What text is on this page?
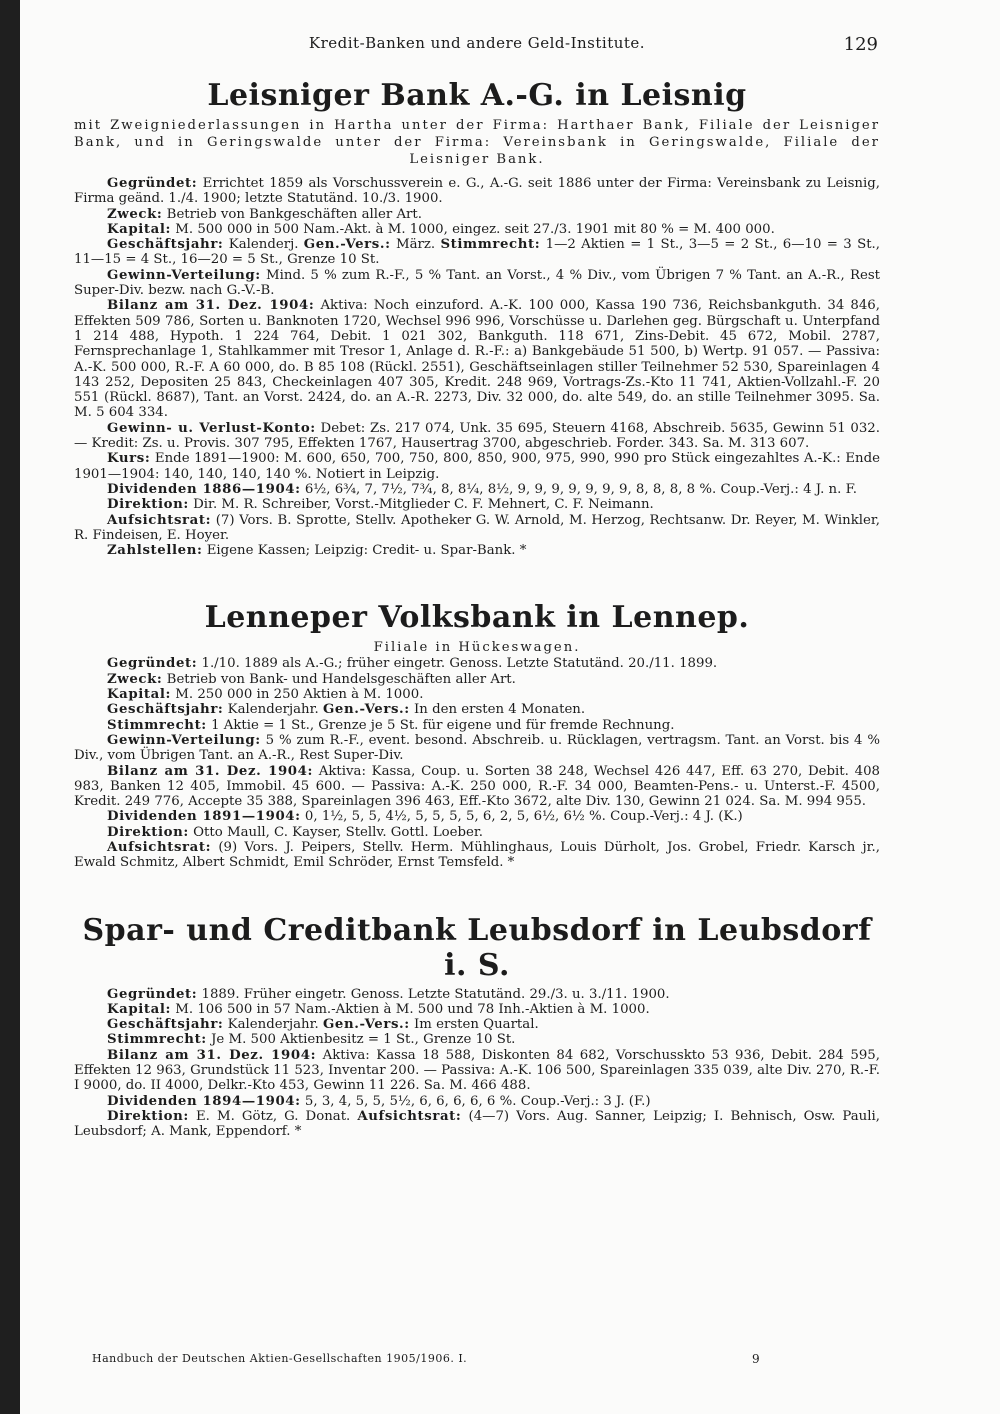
Kredit-Banken und andere Geld-Institute.	129
Leisniger Bank A.-G. in Leisnig
mit Zweigniederlassungen in Hartha unter der Firma: Harthaer Bank, Filiale der Leisniger Bank, und in Geringswalde unter der Firma: Vereinsbank in Geringswalde, Filiale der Leisniger Bank.

Gegründet: Errichtet 1859 als Vorschussverein e. G., A.-G. seit 1886 unter der Firma: Vereinsbank zu Leisnig, Firma geänd. 1./4. 1900; letzte Statutänd. 10./3. 1900.

Zweck: Betrieb von Bankgeschäften aller Art.

Kapital: M. 500 000 in 500 Nam.-Akt. à M. 1000, eingez. seit 27./3. 1901 mit 80 % = M. 400 000.

Geschäftsjahr: Kalenderj. Gen.-Vers.: März. Stimmrecht: 1—2 Aktien = 1 St., 3—5 = 2 St., 6—10 = 3 St., 11—15 = 4 St., 16—20 = 5 St., Grenze 10 St.

Gewinn-Verteilung: Mind. 5 % zum R.-F., 5 % Tant. an Vorst., 4 % Div., vom Übrigen 7 % Tant. an A.-R., Rest Super-Div. bezw. nach G.-V.-B.

Bilanz am 31. Dez. 1904: Aktiva: Noch einzuford. A.-K. 100 000, Kassa 190 736, Reichsbankguth. 34 846, Effekten 509 786, Sorten u. Banknoten 1720, Wechsel 996 996, Vorschüsse u. Darlehen geg. Bürgschaft u. Unterpfand 1 214 488, Hypoth. 1 224 764, Debit. 1 021 302, Bankguth. 118 671, Zins-Debit. 45 672, Mobil. 2787, Fernsprechanlage 1, Stahlkammer mit Tresor 1, Anlage d. R.-F.: a) Bankgebäude 51 500, b) Wertp. 91 057. — Passiva: A.-K. 500 000, R.-F. A 60 000, do. B 85 108 (Rückl. 2551), Geschäftseinlagen stiller Teilnehmer 52 530, Spareinlagen 4 143 252, Depositen 25 843, Checkeinlagen 407 305, Kredit. 248 969, Vortrags-Zs.-Kto 11 741, Aktien-Vollzahl.-F. 20 551 (Rückl. 8687), Tant. an Vorst. 2424, do. an A.-R. 2273, Div. 32 000, do. alte 549, do. an stille Teilnehmer 3095. Sa. M. 5 604 334.

Gewinn- u. Verlust-Konto: Debet: Zs. 217 074, Unk. 35 695, Steuern 4168, Abschreib. 5635, Gewinn 51 032. — Kredit: Zs. u. Provis. 307 795, Effekten 1767, Hausertrag 3700, abgeschrieb. Forder. 343. Sa. M. 313 607.

Kurs: Ende 1891—1900: M. 600, 650, 700, 750, 800, 850, 900, 975, 990, 990 pro Stück eingezahltes A.-K.: Ende 1901—1904: 140, 140, 140, 140 %. Notiert in Leipzig.

Dividenden 1886—1904: 6½, 6¾, 7, 7½, 7¾, 8, 8¼, 8½, 9, 9, 9, 9, 9, 9, 9, 8, 8, 8, 8 %. Coup.-Verj.: 4 J. n. F.

Direktion: Dir. M. R. Schreiber, Vorst.-Mitglieder C. F. Mehnert, C. F. Neimann.

Aufsichtsrat: (7) Vors. B. Sprotte, Stellv. Apotheker G. W. Arnold, M. Herzog, Rechtsanw. Dr. Reyer, M. Winkler, R. Findeisen, E. Hoyer.

Zahlstellen: Eigene Kassen; Leipzig: Credit- u. Spar-Bank. *

Lenneper Volksbank in Lennep.
Filiale in Hückeswagen.

Gegründet: 1./10. 1889 als A.-G.; früher eingetr. Genoss. Letzte Statutänd. 20./11. 1899.

Zweck: Betrieb von Bank- und Handelsgeschäften aller Art.

Kapital: M. 250 000 in 250 Aktien à M. 1000.

Geschäftsjahr: Kalenderjahr. Gen.-Vers.: In den ersten 4 Monaten.

Stimmrecht: 1 Aktie = 1 St., Grenze je 5 St. für eigene und für fremde Rechnung.

Gewinn-Verteilung: 5 % zum R.-F., event. besond. Abschreib. u. Rücklagen, vertragsm. Tant. an Vorst. bis 4 % Div., vom Übrigen Tant. an A.-R., Rest Super-Div.

Bilanz am 31. Dez. 1904: Aktiva: Kassa, Coup. u. Sorten 38 248, Wechsel 426 447, Eff. 63 270, Debit. 408 983, Banken 12 405, Immobil. 45 600. — Passiva: A.-K. 250 000, R.-F. 34 000, Beamten-Pens.- u. Unterst.-F. 4500, Kredit. 249 776, Accepte 35 388, Spareinlagen 396 463, Eff.-Kto 3672, alte Div. 130, Gewinn 21 024. Sa. M. 994 955.

Dividenden 1891—1904: 0, 1½, 5, 5, 4½, 5, 5, 5, 5, 6, 2, 5, 6½, 6½ %. Coup.-Verj.: 4 J. (K.)

Direktion: Otto Maull, C. Kayser, Stellv. Gottl. Loeber.

Aufsichtsrat: (9) Vors. J. Peipers, Stellv. Herm. Mühlinghaus, Louis Dürholt, Jos. Grobel, Friedr. Karsch jr., Ewald Schmitz, Albert Schmidt, Emil Schröder, Ernst Temsfeld. *

Spar- und Creditbank Leubsdorf in Leubsdorf i. S.

Gegründet: 1889. Früher eingetr. Genoss. Letzte Statutänd. 29./3. u. 3./11. 1900.

Kapital: M. 106 500 in 57 Nam.-Aktien à M. 500 und 78 Inh.-Aktien à M. 1000.

Geschäftsjahr: Kalenderjahr. Gen.-Vers.: Im ersten Quartal.

Stimmrecht: Je M. 500 Aktienbesitz = 1 St., Grenze 10 St.

Bilanz am 31. Dez. 1904: Aktiva: Kassa 18 588, Diskonten 84 682, Vorschusskto 53 936, Debit. 284 595, Effekten 12 963, Grundstück 11 523, Inventar 200. — Passiva: A.-K. 106 500, Spareinlagen 335 039, alte Div. 270, R.-F. I 9000, do. II 4000, Delkr.-Kto 453, Gewinn 11 226. Sa. M. 466 488.

Dividenden 1894—1904: 5, 3, 4, 5, 5, 5½, 6, 6, 6, 6, 6 %. Coup.-Verj.: 3 J. (F.)

Direktion: E. M. Götz, G. Donat. Aufsichtsrat: (4—7) Vors. Aug. Sanner, Leipzig; I. Behnisch, Osw. Pauli, Leubsdorf; A. Mank, Eppendorf. *

Handbuch der Deutschen Aktien-Gesellschaften 1905/1906. I.	9
